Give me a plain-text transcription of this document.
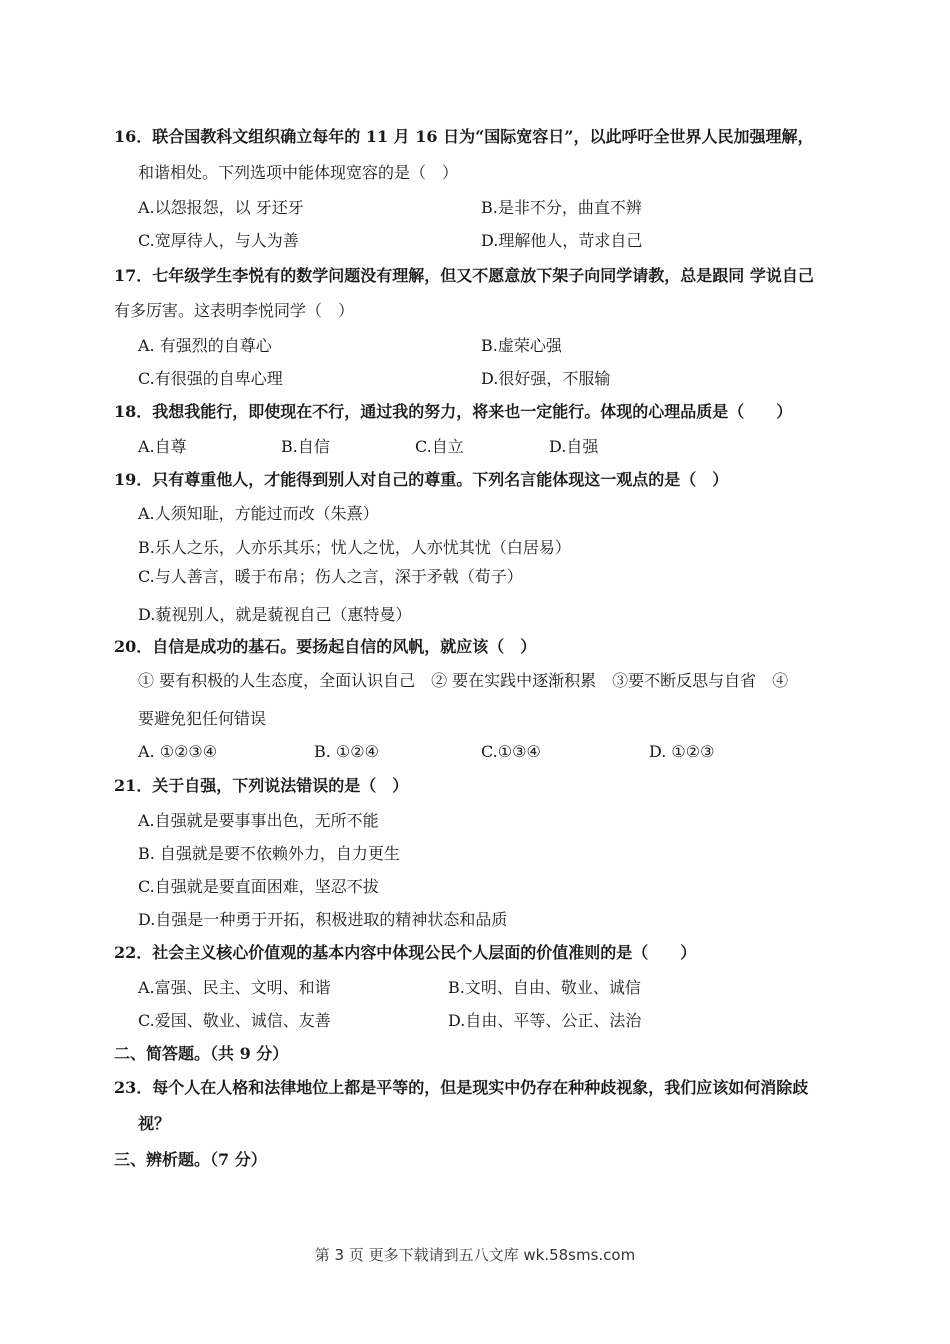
16．联合国教科文组织确立每年的 11 月 16 日为“国际宽容日”，以此呼吁全世界人民加强理解，
和谐相处。下列选项中能体现宽容的是（　）
A.以怨报怨，以 牙还牙	B.是非不分，曲直不辨
C.宽厚待人，与人为善	D.理解他人，苛求自己
17．七年级学生李悦有的数学问题没有理解，但又不愿意放下架子向同学请教，总是跟同 学说自己
有多厉害。这表明李悦同学（　）
A. 有强烈的自尊心	B.虚荣心强
C.有很强的自卑心理	D.很好强，不服输
18．我想我能行，即使现在不行，通过我的努力，将来也一定能行。体现的心理品质是（　　）
A.自尊	B.自信	C.自立	D.自强
19．只有尊重他人，才能得到别人对自己的尊重。下列名言能体现这一观点的是（　）
A.人须知耻，方能过而改（朱熹）
B.乐人之乐，人亦乐其乐；忧人之忧，人亦忧其忧（白居易）
C.与人善言，暖于布帛；伤人之言，深于矛戟（荀子）
D.藐视别人，就是藐视自己（惠特曼）
20．自信是成功的基石。要扬起自信的风帆，就应该（　）
① 要有积极的人生态度，全面认识自己　② 要在实践中逐渐积累　③要不断反思与自省　④
要避免犯任何错误
A. ①②③④	B. ①②④	C.①③④	D. ①②③
21．关于自强，下列说法错误的是（　）
A.自强就是要事事出色，无所不能
B. 自强就是要不依赖外力，自力更生
C.自强就是要直面困难，坚忍不拔
D.自强是一种勇于开拓，积极进取的精神状态和品质
22．社会主义核心价值观的基本内容中体现公民个人层面的价值准则的是（　　）
A.富强、民主、文明、和谐	B.文明、自由、敬业、诚信
C.爱国、敬业、诚信、友善	D.自由、平等、公正、法治
二、简答题。（共 9 分）
23．每个人在人格和法律地位上都是平等的，但是现实中仍存在种种歧视象，我们应该如何消除歧
视？
三、辨析题。（7 分）
第 3 页 更多下载请到五八文库 wk.58sms.com
